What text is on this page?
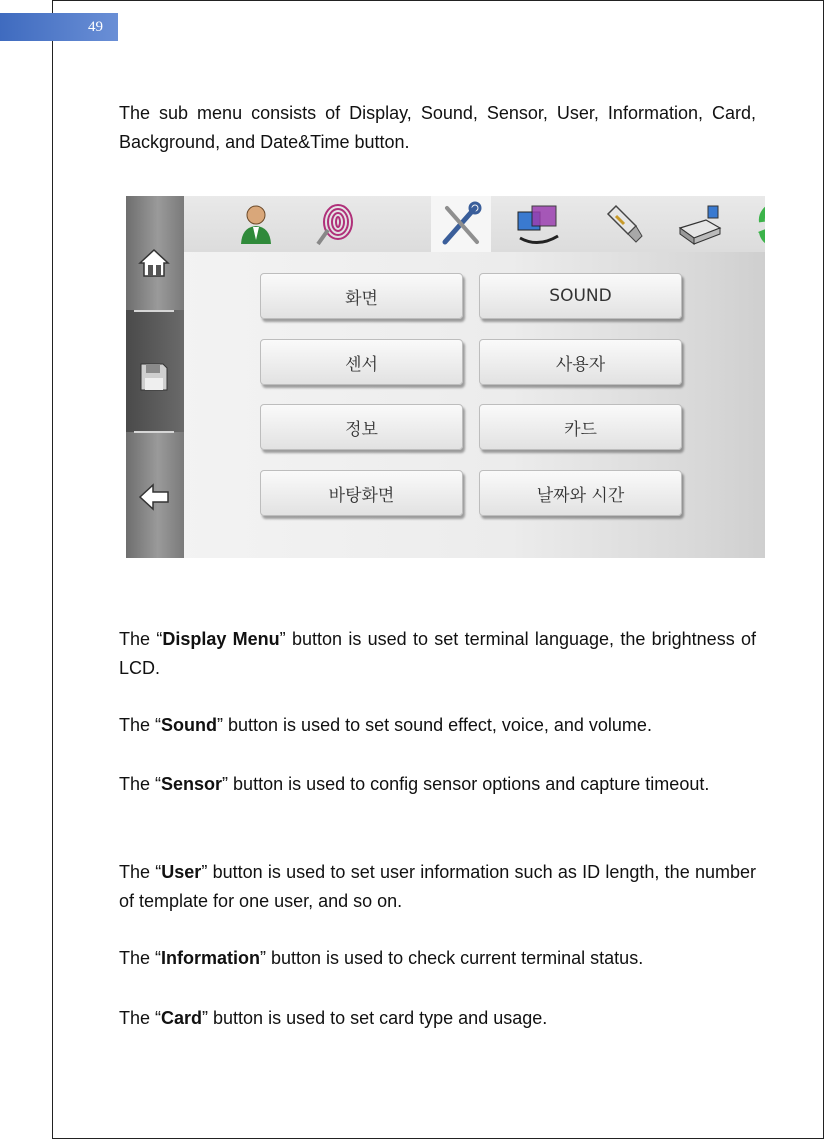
49

The sub menu consists of Display, Sound, Sensor, User, Information, Card, Background, and Date&Time button.

화면	SOUND
센서	사용자
정보	카드
바탕화면	날짜와 시간

The “Display Menu” button is used to set terminal language, the brightness of LCD.

The “Sound” button is used to set sound effect, voice, and volume.

The “Sensor” button is used to config sensor options and capture timeout.

The “User” button is used to set user information such as ID length, the number of template for one user, and so on.

The “Information” button is used to check current terminal status.

The “Card” button is used to set card type and usage.
